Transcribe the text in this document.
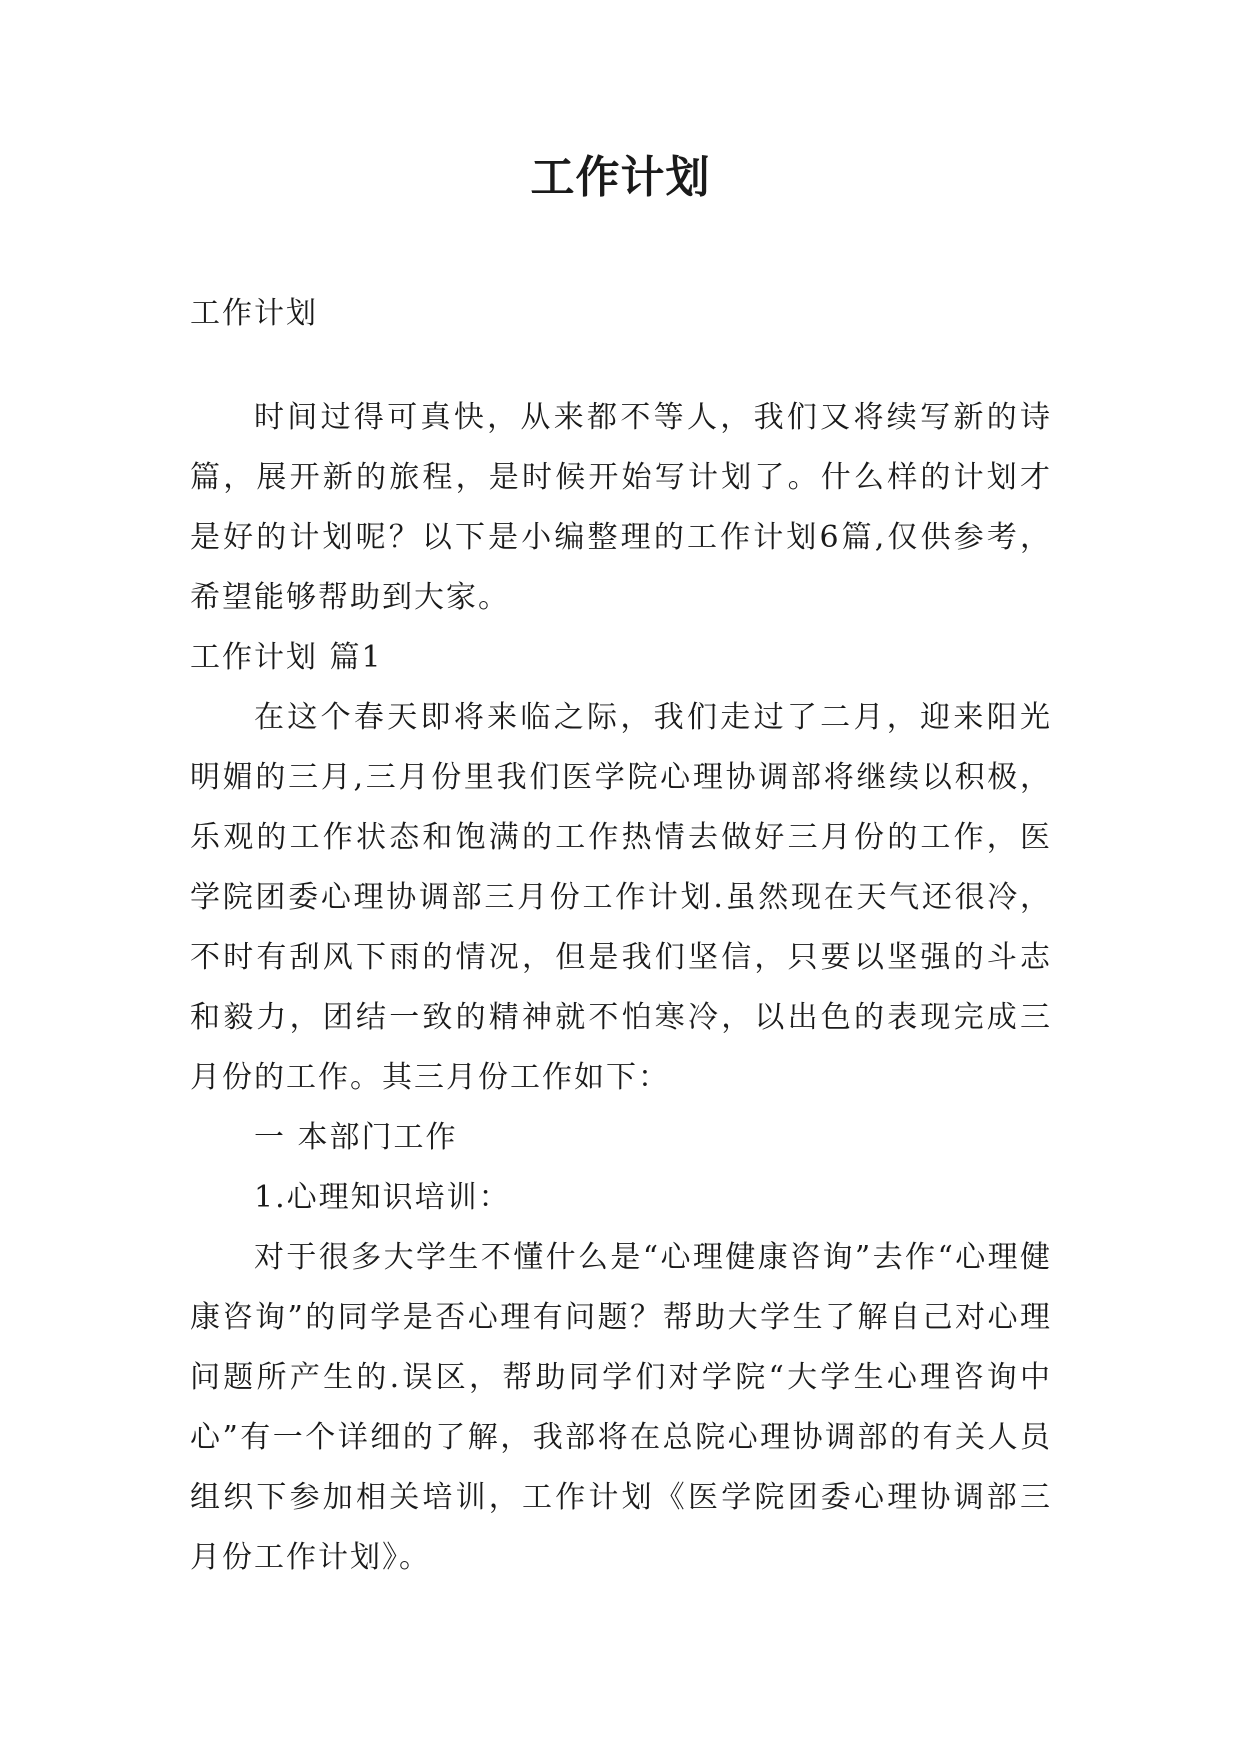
工作计划

工作计划

时间过得可真快，从来都不等人，我们又将续写新的诗篇，展开新的旅程，是时候开始写计划了。什么样的计划才是好的计划呢？以下是小编整理的工作计划6篇,仅供参考，希望能够帮助到大家。

工作计划 篇1

在这个春天即将来临之际，我们走过了二月，迎来阳光明媚的三月,三月份里我们医学院心理协调部将继续以积极，乐观的工作状态和饱满的工作热情去做好三月份的工作，医学院团委心理协调部三月份工作计划.虽然现在天气还很冷，不时有刮风下雨的情况，但是我们坚信，只要以坚强的斗志和毅力，团结一致的精神就不怕寒冷，以出色的表现完成三月份的工作。其三月份工作如下：

一 本部门工作

1.心理知识培训：

对于很多大学生不懂什么是“心理健康咨询”去作“心理健康咨询”的同学是否心理有问题？帮助大学生了解自己对心理问题所产生的.误区，帮助同学们对学院“大学生心理咨询中心”有一个详细的了解，我部将在总院心理协调部的有关人员组织下参加相关培训，工作计划《医学院团委心理协调部三月份工作计划》。
